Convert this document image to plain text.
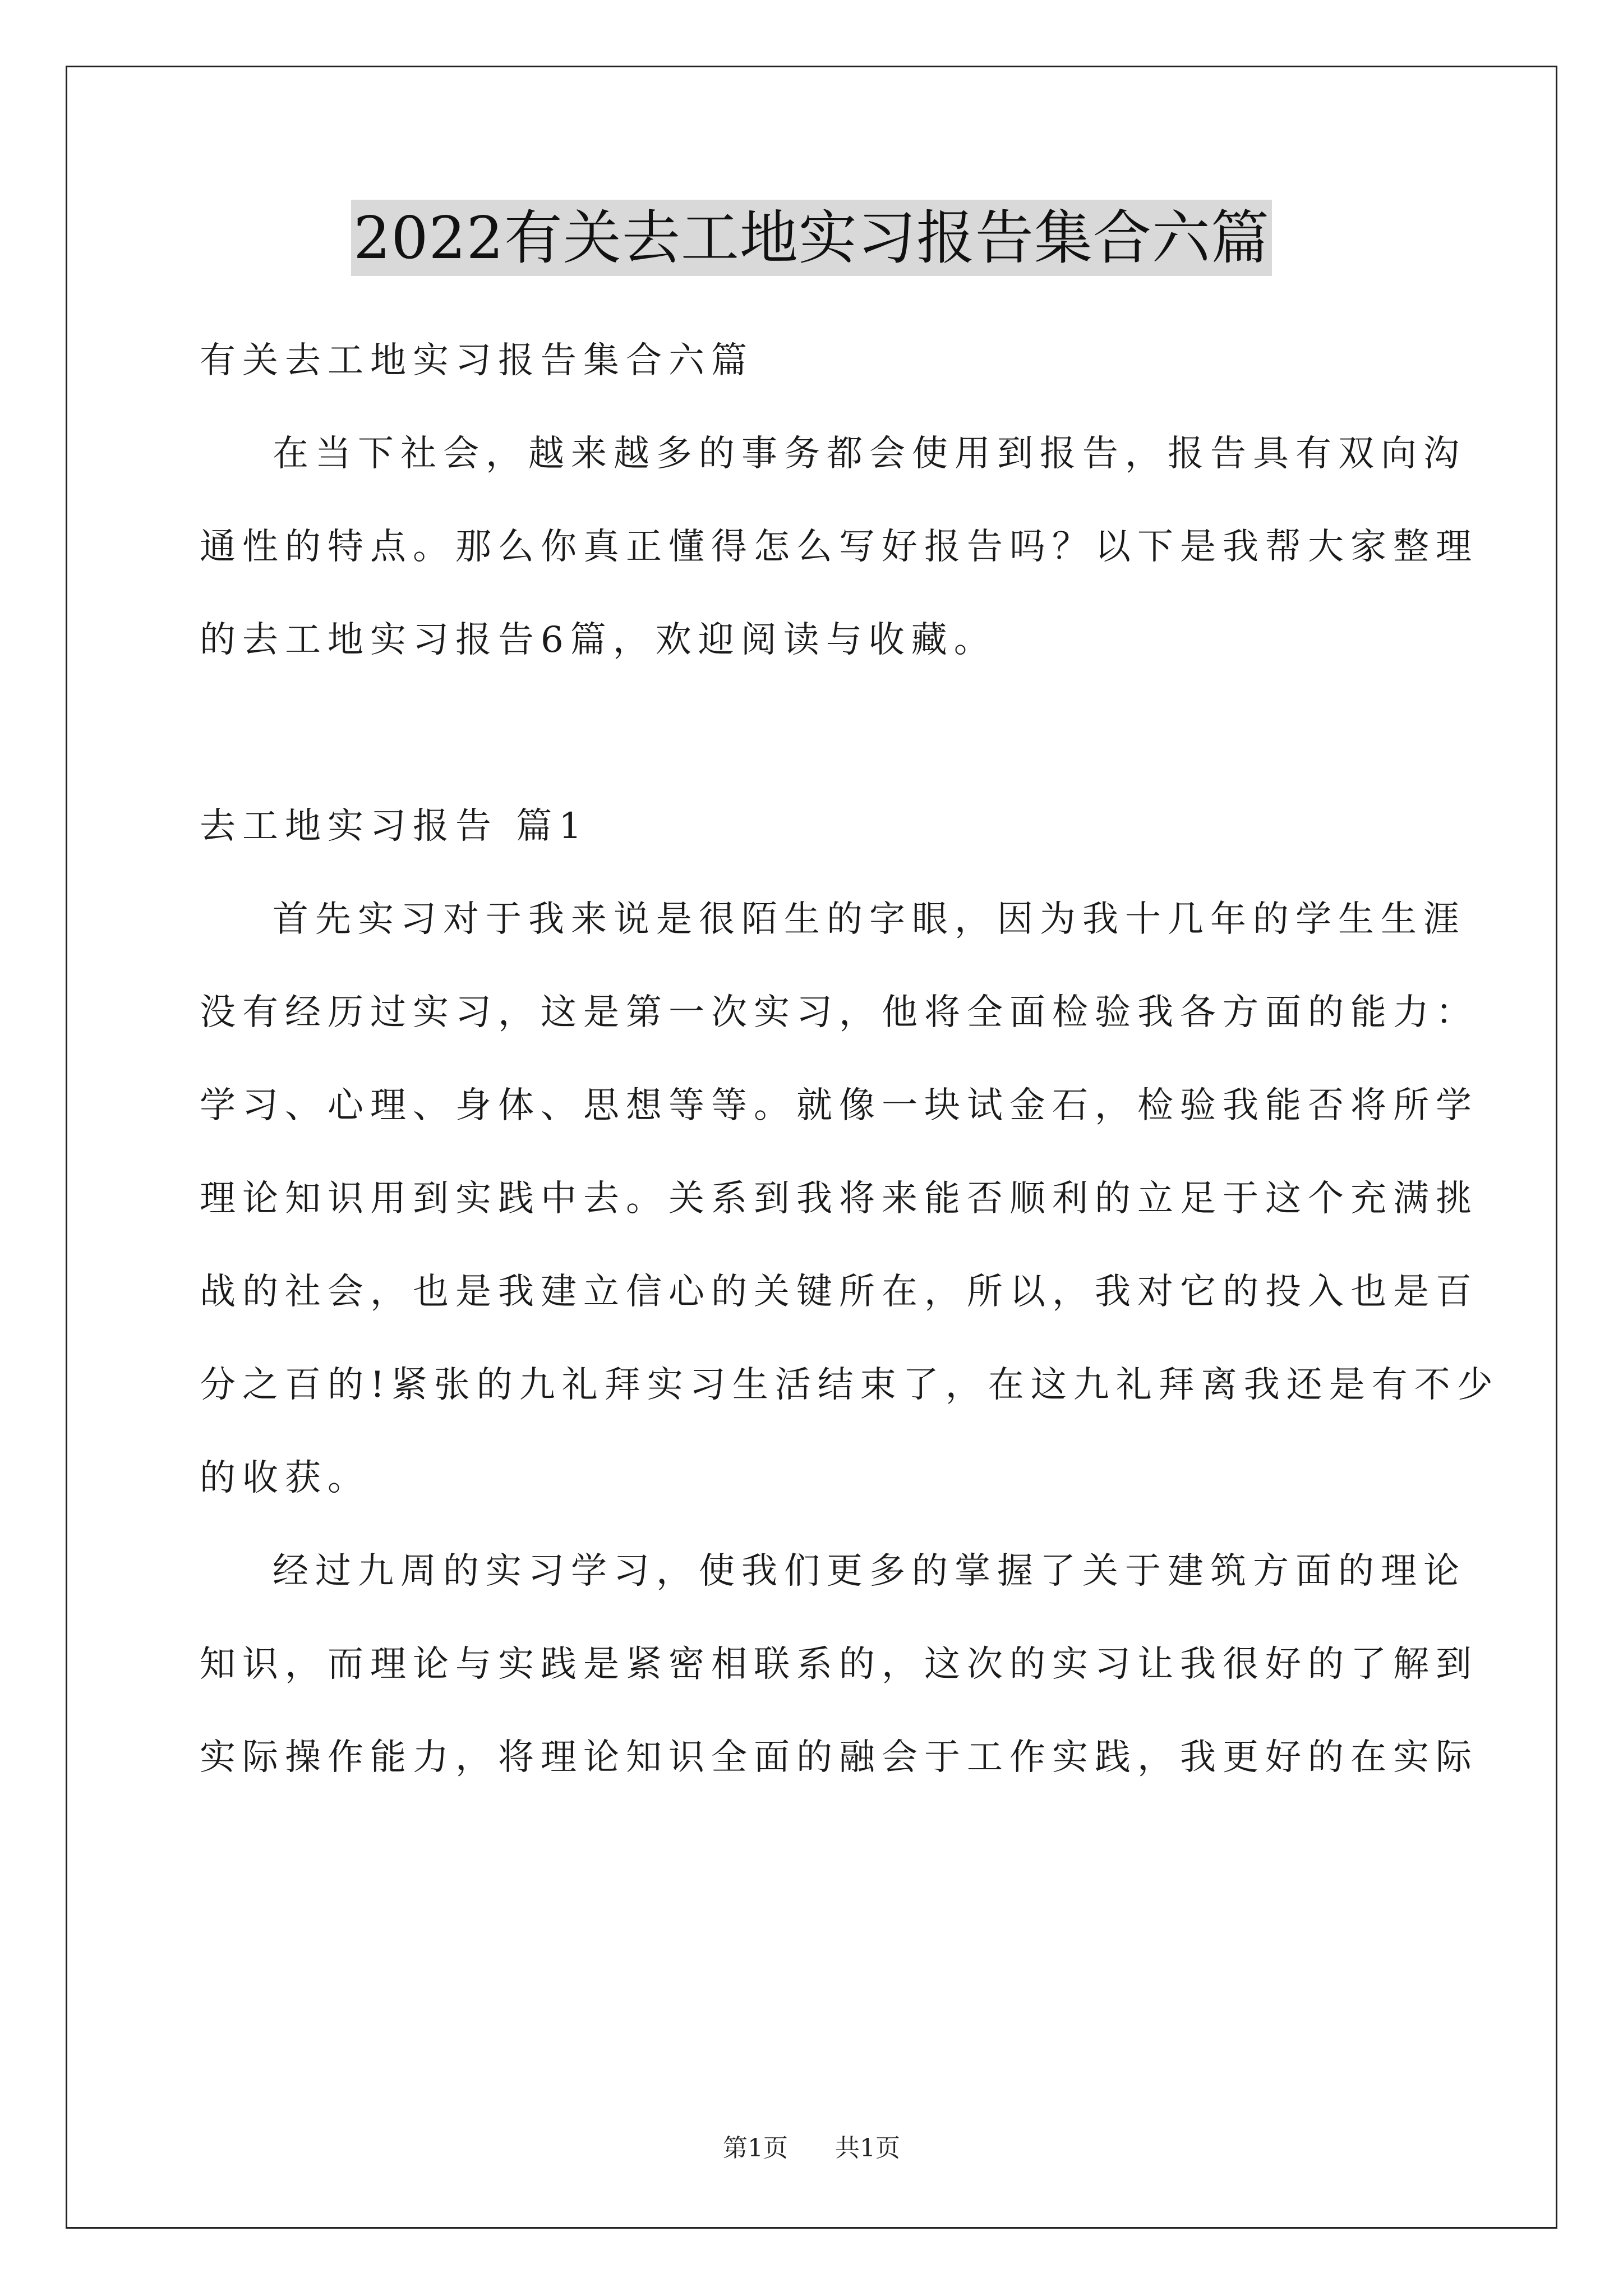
2022有关去工地实习报告集合六篇
有关去工地实习报告集合六篇
在当下社会，越来越多的事务都会使用到报告，报告具有双向沟
通性的特点。那么你真正懂得怎么写好报告吗？以下是我帮大家整理
的去工地实习报告6篇，欢迎阅读与收藏。
去工地实习报告 篇1
首先实习对于我来说是很陌生的字眼，因为我十几年的学生生涯
没有经历过实习，这是第一次实习，他将全面检验我各方面的能力：
学习、心理、身体、思想等等。就像一块试金石，检验我能否将所学
理论知识用到实践中去。关系到我将来能否顺利的立足于这个充满挑
战的社会，也是我建立信心的关键所在，所以，我对它的投入也是百
分之百的!紧张的九礼拜实习生活结束了，在这九礼拜离我还是有不少
的收获。
经过九周的实习学习，使我们更多的掌握了关于建筑方面的理论
知识，而理论与实践是紧密相联系的，这次的实习让我很好的了解到
实际操作能力，将理论知识全面的融会于工作实践，我更好的在实际
第1页 共1页
